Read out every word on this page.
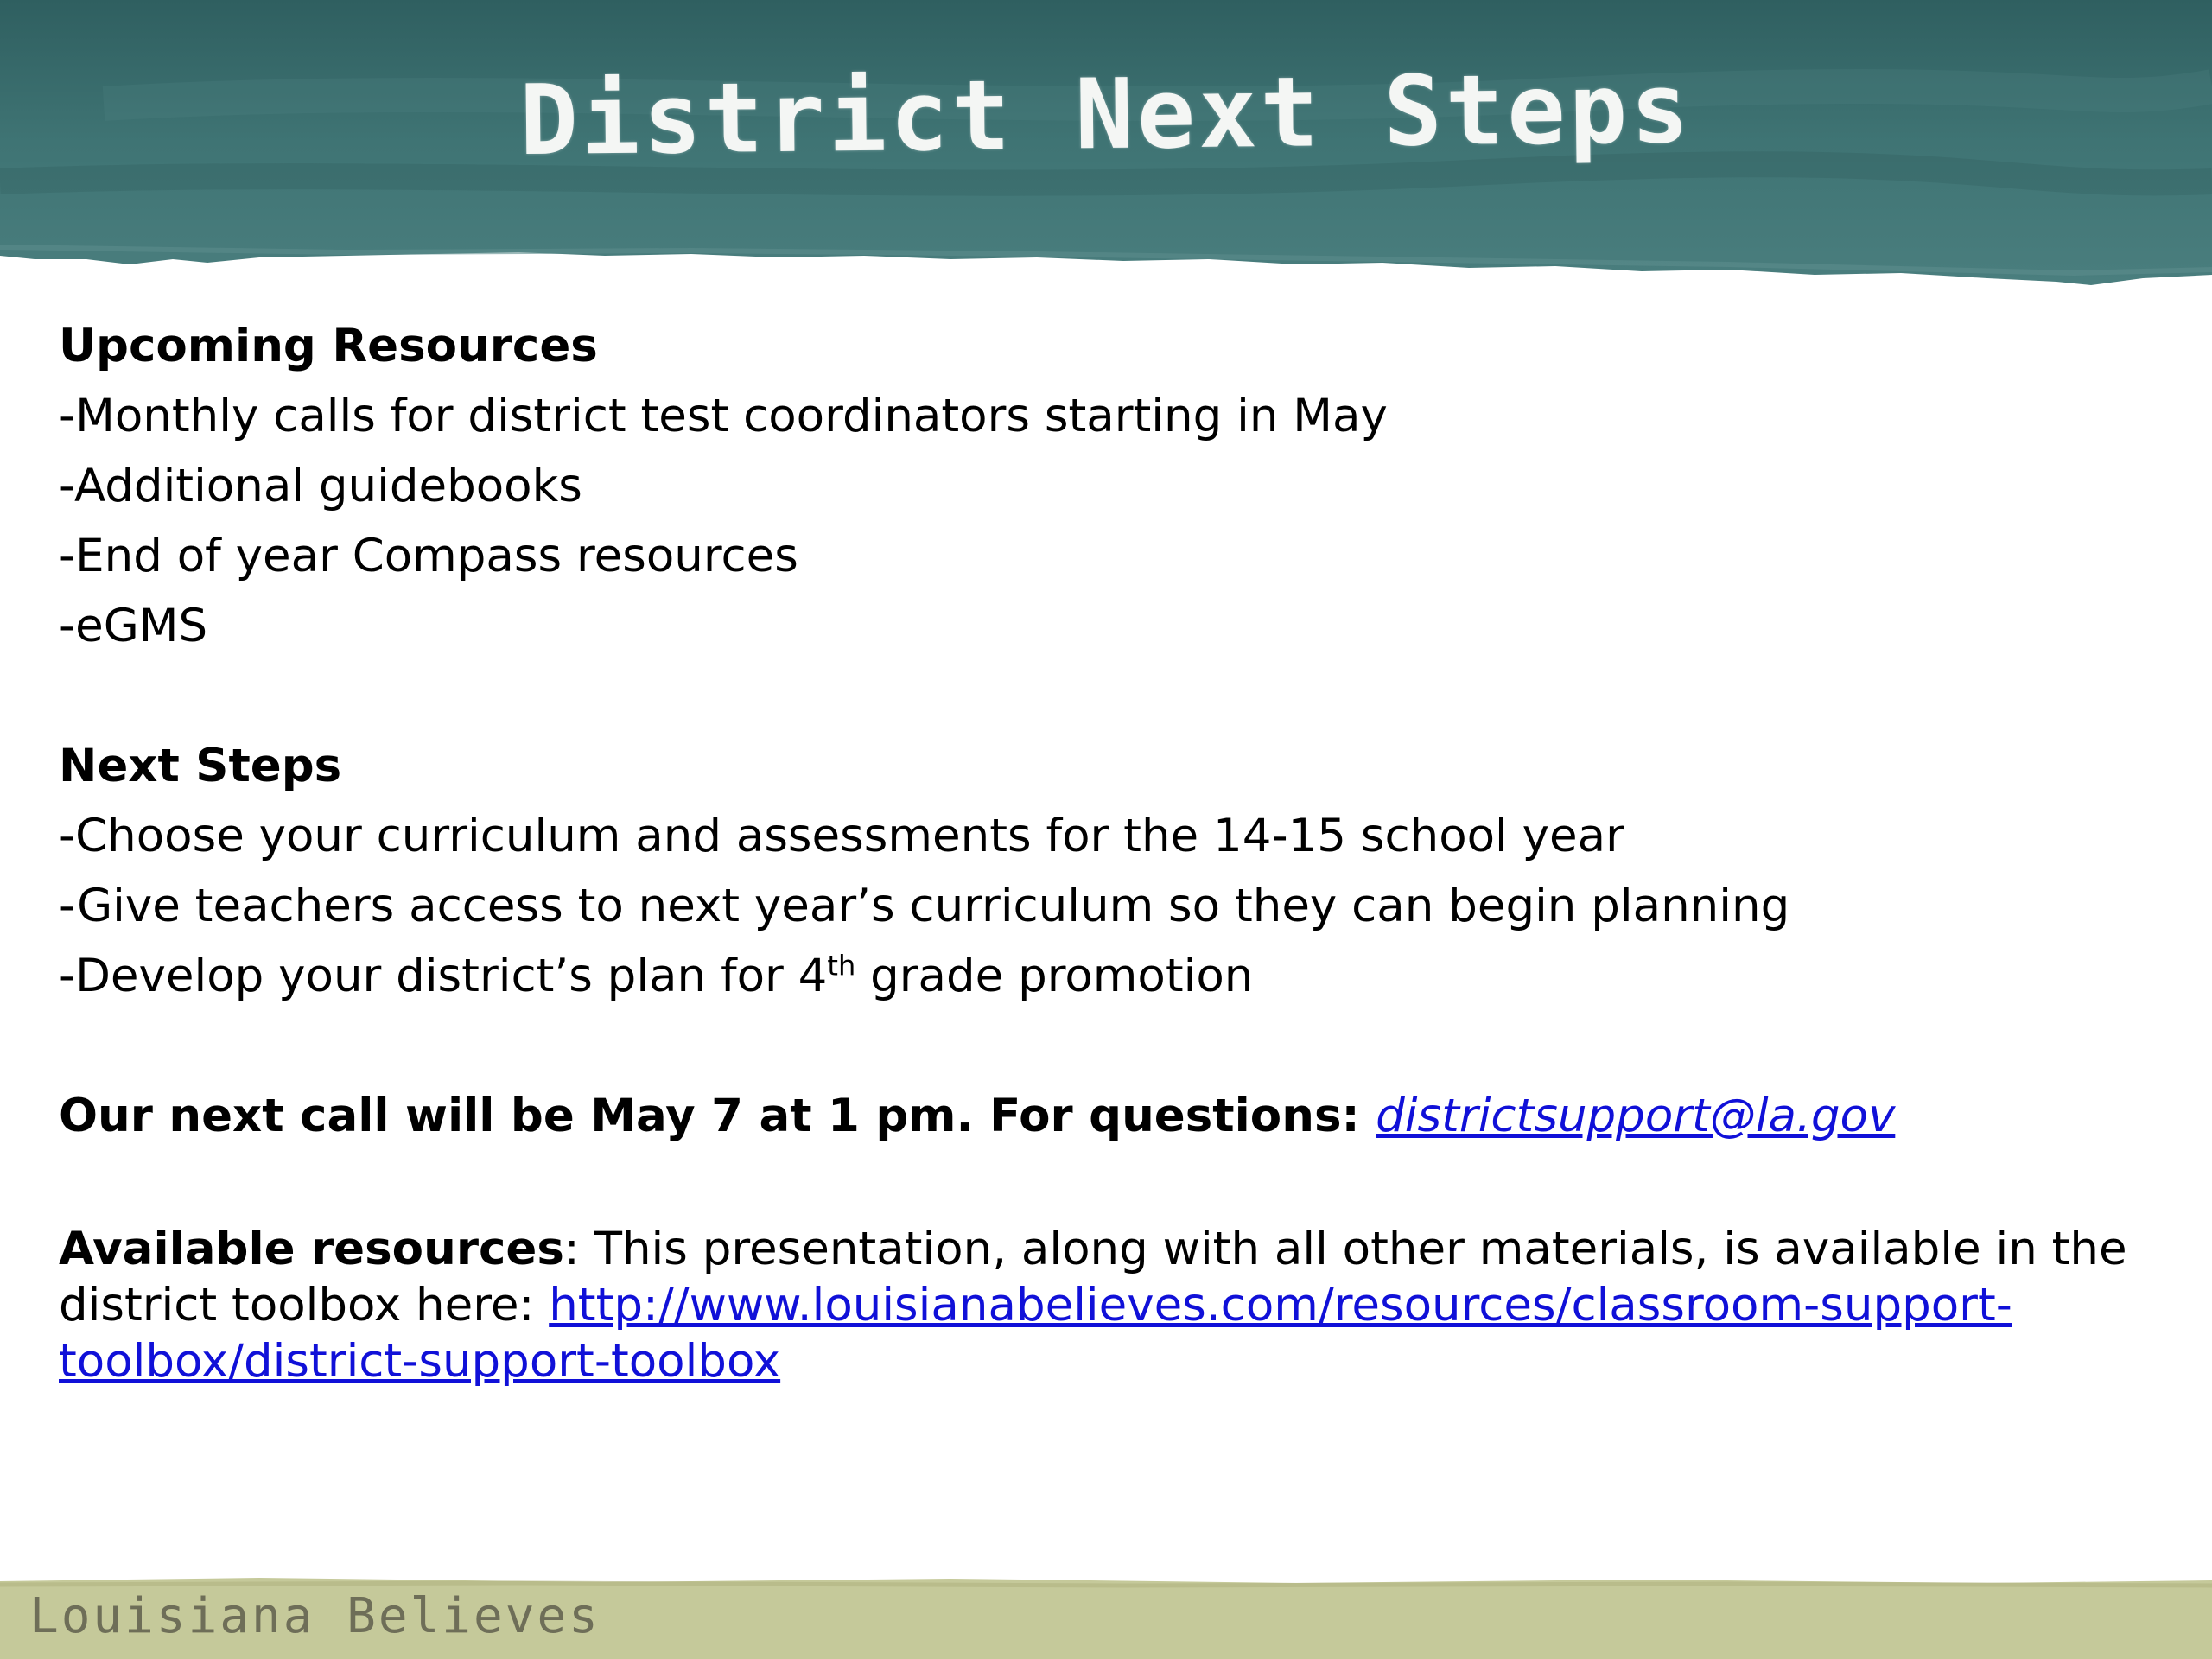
District Next Steps

Upcoming Resources

-Monthly calls for district test coordinators starting in May

-Additional guidebooks

-End of year Compass resources

-eGMS

Next Steps

-Choose your curriculum and assessments for the 14-15 school year

-Give teachers access to next year’s curriculum so they can begin planning

-Develop your district’s plan for 4th grade promotion

Our next call will be May 7 at 1 pm. For questions: districtsupport@la.gov

Available resources: This presentation, along with all other materials, is available in the district toolbox here: http://www.louisianabelieves.com/resources/classroom-support-toolbox/district-support-toolbox

Louisiana Believes
